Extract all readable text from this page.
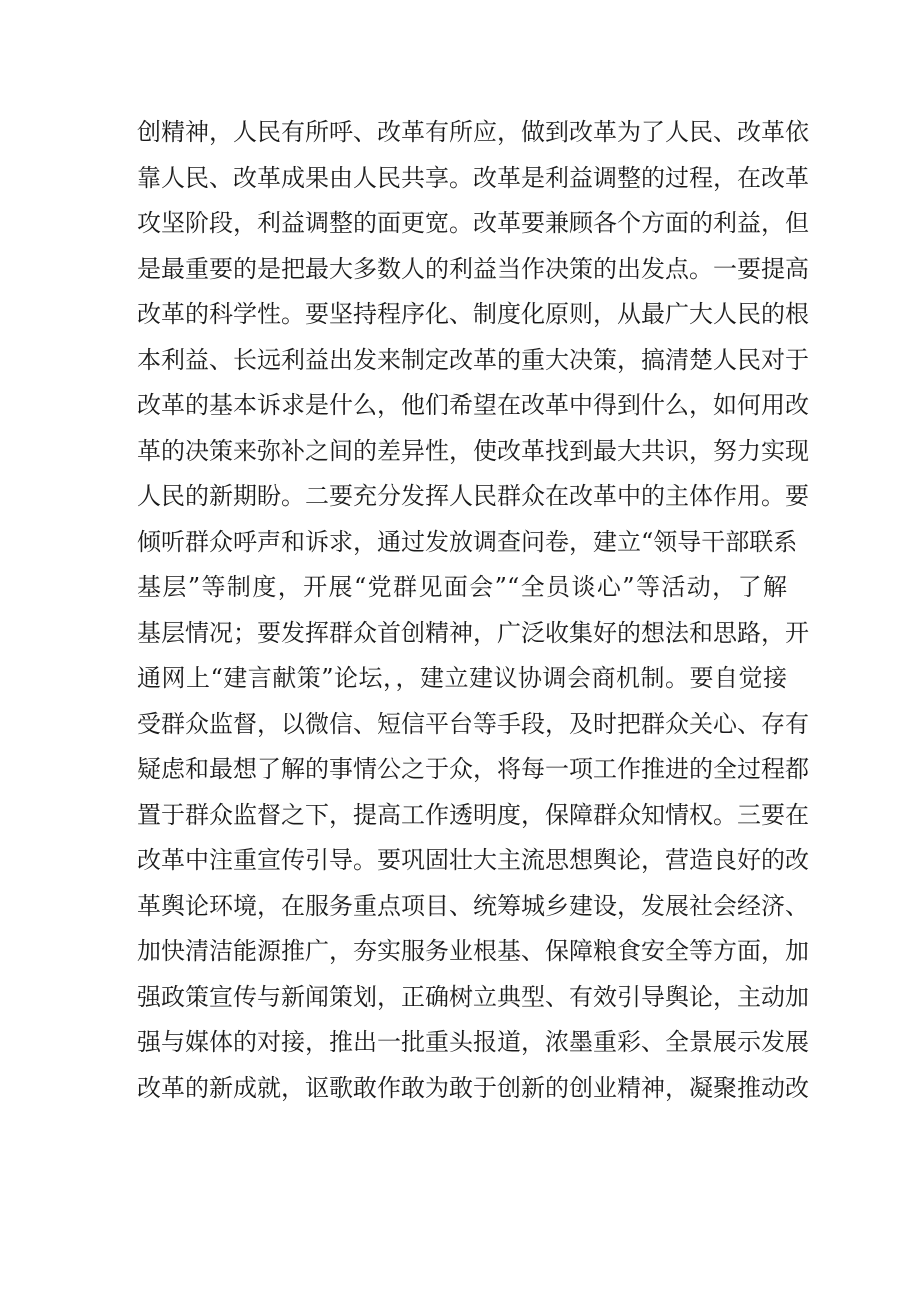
创精神，人民有所呼、改革有所应，做到改革为了人民、改革依
靠人民、改革成果由人民共享。改革是利益调整的过程，在改革
攻坚阶段，利益调整的面更宽。改革要兼顾各个方面的利益，但
是最重要的是把最大多数人的利益当作决策的出发点。一要提高
改革的科学性。要坚持程序化、制度化原则，从最广大人民的根
本利益、长远利益出发来制定改革的重大决策，搞清楚人民对于
改革的基本诉求是什么，他们希望在改革中得到什么，如何用改
革的决策来弥补之间的差异性，使改革找到最大共识，努力实现
人民的新期盼。二要充分发挥人民群众在改革中的主体作用。要
倾听群众呼声和诉求，通过发放调查问卷，建立“领导干部联系
基层”等制度，开展“党群见面会”“全员谈心”等活动，了解
基层情况；要发挥群众首创精神，广泛收集好的想法和思路，开
通网上“建言献策”论坛，，建立建议协调会商机制。要自觉接
受群众监督，以微信、短信平台等手段，及时把群众关心、存有
疑虑和最想了解的事情公之于众，将每一项工作推进的全过程都
置于群众监督之下，提高工作透明度，保障群众知情权。三要在
改革中注重宣传引导。要巩固壮大主流思想舆论，营造良好的改
革舆论环境，在服务重点项目、统筹城乡建设，发展社会经济、
加快清洁能源推广，夯实服务业根基、保障粮食安全等方面，加
强政策宣传与新闻策划，正确树立典型、有效引导舆论，主动加
强与媒体的对接，推出一批重头报道，浓墨重彩、全景展示发展
改革的新成就，讴歌敢作敢为敢于创新的创业精神，凝聚推动改
